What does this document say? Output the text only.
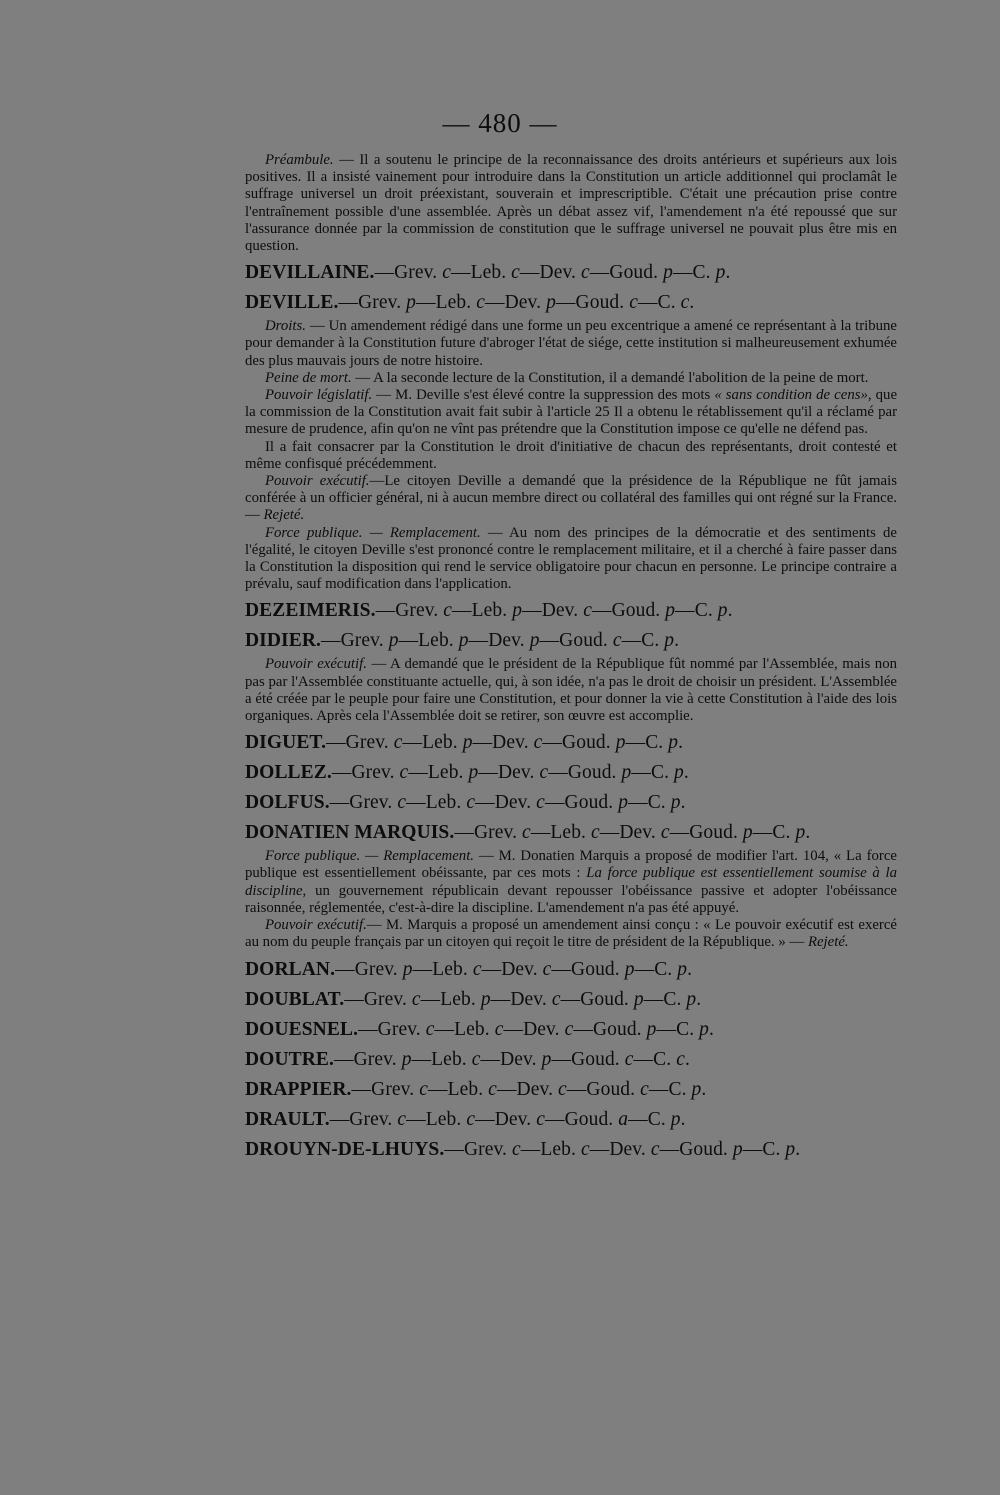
— 480 —

Préambule. — Il a soutenu le principe de la reconnaissance des droits antérieurs et supérieurs aux lois positives. Il a insisté vainement pour introduire dans la Constitution un article additionnel qui proclamât le suffrage universel un droit préexistant, souverain et imprescriptible. C'était une précaution prise contre l'entraînement possible d'une assemblée. Après un débat assez vif, l'amendement n'a été repoussé que sur l'assurance donnée par la commission de constitution que le suffrage universel ne pouvait plus être mis en question.

DEVILLAINE.—Grev. c—Leb. c—Dev. c—Goud. p—C. p.
DEVILLE.—Grev. p—Leb. c—Dev. p—Goud. c—C. c.

Droits. — Un amendement rédigé dans une forme un peu excentrique a amené ce représentant à la tribune pour demander à la Constitution future d'abroger l'état de siége, cette institution si malheureusement exhumée des plus mauvais jours de notre histoire.

Peine de mort. — A la seconde lecture de la Constitution, il a demandé l'abolition de la peine de mort.

Pouvoir législatif. — M. Deville s'est élevé contre la suppression des mots « sans condition de cens», que la commission de la Constitution avait fait subir à l'article 25 Il a obtenu le rétablissement qu'il a réclamé par mesure de prudence, afin qu'on ne vînt pas prétendre que la Constitution impose ce qu'elle ne défend pas.

Il a fait consacrer par la Constitution le droit d'initiative de chacun des représentants, droit contesté et même confisqué précédemment.

Pouvoir exécutif.—Le citoyen Deville a demandé que la présidence de la République ne fût jamais conférée à un officier général, ni à aucun membre direct ou collatéral des familles qui ont régné sur la France. — Rejeté.

Force publique. — Remplacement. — Au nom des principes de la démocratie et des sentiments de l'égalité, le citoyen Deville s'est prononcé contre le remplacement militaire, et il a cherché à faire passer dans la Constitution la disposition qui rend le service obligatoire pour chacun en personne. Le principe contraire a prévalu, sauf modification dans l'application.

DEZEIMERIS.—Grev. c—Leb. p—Dev. c—Goud. p—C. p.
DIDIER.—Grev. p—Leb. p—Dev. p—Goud. c—C. p.

Pouvoir exécutif. — A demandé que le président de la République fût nommé par l'Assemblée, mais non pas par l'Assemblée constituante actuelle, qui, à son idée, n'a pas le droit de choisir un président. L'Assemblée a été créée par le peuple pour faire une Constitution, et pour donner la vie à cette Constitution à l'aide des lois organiques. Après cela l'Assemblée doit se retirer, son œuvre est accomplie.

DIGUET.—Grev. c—Leb. p—Dev. c—Goud. p—C. p.
DOLLEZ.—Grev. c—Leb. p—Dev. c—Goud. p—C. p.
DOLFUS.—Grev. c—Leb. c—Dev. c—Goud. p—C. p.
DONATIEN MARQUIS.—Grev. c—Leb. c—Dev. c—Goud. p—C. p.

Force publique. — Remplacement. — M. Donatien Marquis a proposé de modifier l'art. 104, « La force publique est essentiellement obéissante, par ces mots : La force publique est essentiellement soumise à la discipline, un gouvernement républicain devant repousser l'obéissance passive et adopter l'obéissance raisonnée, réglementée, c'est-à-dire la discipline. L'amendement n'a pas été appuyé.

Pouvoir exécutif.— M. Marquis a proposé un amendement ainsi conçu : « Le pouvoir exécutif est exercé au nom du peuple français par un citoyen qui reçoit le titre de président de la République. » — Rejeté.

DORLAN.—Grev. p—Leb. c—Dev. c—Goud. p—C. p.
DOUBLAT.—Grev. c—Leb. p—Dev. c—Goud. p—C. p.
DOUESNEL.—Grev. c—Leb. c—Dev. c—Goud. p—C. p.
DOUTRE.—Grev. p—Leb. c—Dev. p—Goud. c—C. c.
DRAPPIER.—Grev. c—Leb. c—Dev. c—Goud. c—C. p.
DRAULT.—Grev. c—Leb. c—Dev. c—Goud. a—C. p.
DROUYN-DE-LHUYS.—Grev. c—Leb. c—Dev. c—Goud. p—C. p.
